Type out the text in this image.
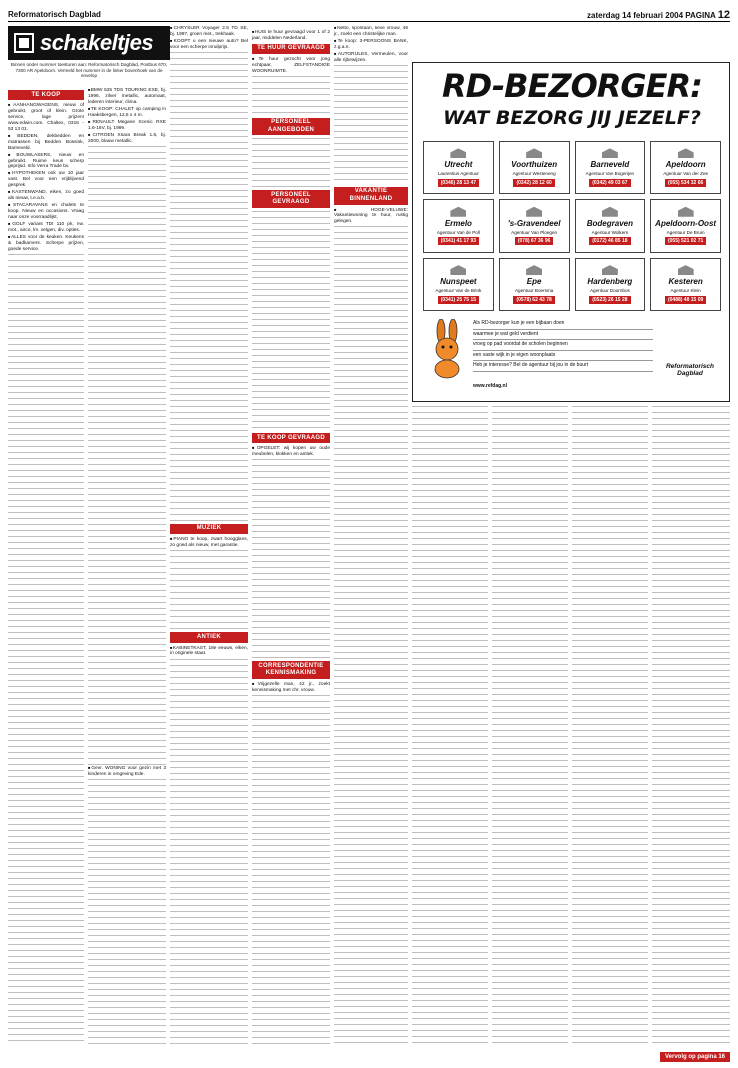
Reformatorisch Dagblad	zaterdag 14 februari 2004 PAGINA 12
schakeltjes
Binnen onder nummer toesturen aan: Reformatorisch Dagblad, Postbus 670, 7300 AR Apeldoorn. Vermeld het nummer in de linker bovenhoek van de envelop
TE KOOP

■ AANHANGWAGENS, nieuw of gebruikt, groot of klein. Grote service, lage prijzen! www.edwin.com. Chaltex, 0316 - 53 13 01.

■ BEDDEN, dekbedden en matrassen bij Bedden Bossink, Barneveld.

■ BOUWLASERS, nieuw en gebruikt. Ruime keus scherp geprijsd. Info Verra Trade bv.

■ HYPOTHEKEN ook uw 10 jaar vast. Bel voor een vrijblijvend gesprek.

■ KASTENWAND, eiken, zo goed als nieuw, t.e.a.b.

■ STACARAVANS en chalets te koop. Nieuw en occasions. Vraag naar onze voorraadlijst.

■ GOLF variant TDI 110 pk, nw. mot., airco, lm. velgen, div. opties.

■ ALLES voor de keuken. Keukens & badkamers. Scherpe prijzen, goede service.

■ BMW 525 TDS TOURING EXE, bj. 1996, zilver metallic, automaat, lederen interieur, clima.

■ TE KOOP: CHALET op camping in Haaksbergen, 12,5 x 4 m.

■ RENAULT Megane Scenic RXE 1.6-16V, bj. 1999.

■ CITROEN Xsara Break 1.6, bj. 2000, blauw metallic.

■ Gevr. WONING voor gezin met 3 kinderen in omgeving Ede.

■ CHRYSLER Voyager 2.5 TD SE, bj. 1997, groen met., trekhaak.

■ KOOPT u een nieuwe auto? Bel voor een scherpe inruilprijs.

MUZIEK

■ PIANO te koop, zwart hoogglans, zo goed als nieuw, met garantie.

ANTIEK

■ KABINETKAST, 18e eeuws, eiken, in originele staat.

■ HUIS te huur gevraagd voor 1 of 2 jaar, middelen Nederland.

TE HUUR GEVRAAGD

■ Te huur gezocht voor jong echtpaar, ZELFSTANDIGE WOONRUIMTE.

PERSONEEL AANGEBODEN
PERSONEEL GEVRAAGD
TE KOOP GEVRAAGD

■ OPGELET: wij kopen uw oude meubelen, klokken en antiek.

CORRESPONDENTIE KENNISMAKING

■ Vrijgezelle man, 42 jr., zoekt kennismaking met chr. vrouw.

■ Netto, spontaan, lieve vrouw, 46 jr., zoekt een christelijke man.

■ Te koop: 3-PERSOONS BANK, z.g.a.n.

■ AUTORIJLES, Vermeulen, voor alle rijbewijzen.

VAKANTIE BINNENLAND

■ HOGE-VELUWE: Vakantiewoning te huur, rustig gelegen.

RD-BEZORGER:
WAT BEZORG JIJ JEZELF?
Utrecht
Laurentius Agentuur
(0346) 28 13 47
Voorthuizen
Agentuur Westeneng
(0342) 28 12 60
Barneveld
Agentuur Van Bogerijen
(0342) 49 03 67
Apeldoorn
Agentuur Van der Zee
(055) 534 32 66
Ermelo
Agentuur Van de Poll
(0341) 41 17 93
's-Gravendeel
Agentuur Van Ploegen
(078) 67 36 96
Bodegraven
Agentuur Wolkers
(0172) 46 85 18
Apeldoorn-Oost
Agentuur De Bruin
(055) 521 02 71
Nunspeet
Agentuur Van de Brink
(0341) 25 75 15
Epe
Agentuur Boersma
(0578) 62 43 78
Hardenberg
Agentuur Doornbos
(0523) 26 15 28
Kesteren
Agentuur Klein
(0488) 48 15 09
Als RD-bezorger kun je een bijbaan doen
waarmee je wat geld verdient
vroeg op pad voordat de scholen beginnen
een vaste wijk in je eigen woonplaats
Heb je interesse? Bel de agentuur bij jou in de buurt	Reformatorisch Dagblad
www.refdag.nl
Vervolg op pagina 16
